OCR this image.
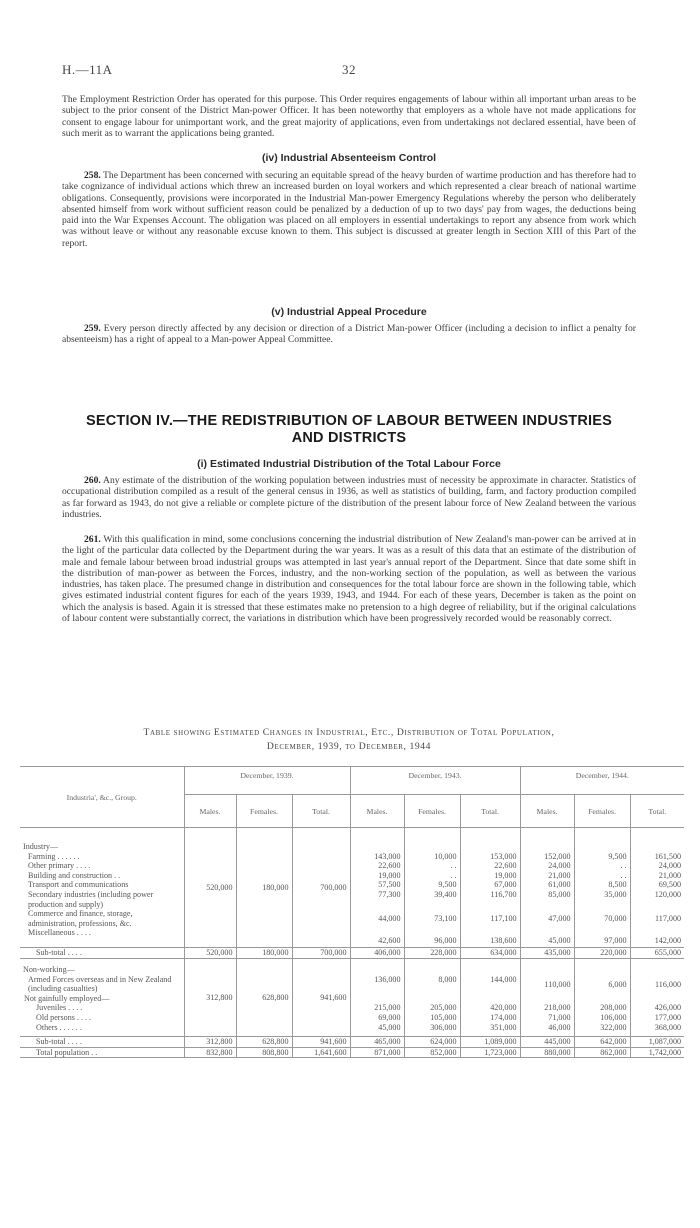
H.—11A	32

The Employment Restriction Order has operated for this purpose. This Order requires engagements of labour within all important urban areas to be subject to the prior consent of the District Man-power Officer. It has been noteworthy that employers as a whole have not made applications for consent to engage labour for unimportant work, and the great majority of applications, even from undertakings not declared essential, have been of such merit as to warrant the applications being granted.

(iv) Industrial Absenteeism Control

258. The Department has been concerned with securing an equitable spread of the heavy burden of wartime production and has therefore had to take cognizance of individual actions which threw an increased burden on loyal workers and which represented a clear breach of national wartime obligations. Consequently, provisions were incorporated in the Industrial Man-power Emergency Regulations whereby the person who deliberately absented himself from work without sufficient reason could be penalized by a deduction of up to two days' pay from wages, the deductions being paid into the War Expenses Account. The obligation was placed on all employers in essential undertakings to report any absence from work which was without leave or without any reasonable excuse known to them. This subject is discussed at greater length in Section XIII of this Part of the report.

(v) Industrial Appeal Procedure

259. Every person directly affected by any decision or direction of a District Man-power Officer (including a decision to inflict a penalty for absenteeism) has a right of appeal to a Man-power Appeal Committee.

SECTION IV.—THE REDISTRIBUTION OF LABOUR BETWEEN INDUSTRIES
AND DISTRICTS

(i) Estimated Industrial Distribution of the Total Labour Force

260. Any estimate of the distribution of the working population between industries must of necessity be approximate in character. Statistics of occupational distribution compiled as a result of the general census in 1936, as well as statistics of building, farm, and factory production compiled as far forward as 1943, do not give a reliable or complete picture of the distribution of the present labour force of New Zealand between the various industries.

261. With this qualification in mind, some conclusions concerning the industrial distribution of New Zealand's man-power can be arrived at in the light of the particular data collected by the Department during the war years. It was as a result of this data that an estimate of the distribution of male and female labour between broad industrial groups was attempted in last year's annual report of the Department. Since that date some shift in the distribution of man-power as between the Forces, industry, and the non-working section of the population, as well as between the various industries, has taken place. The presumed change in distribution and consequences for the total labour force are shown in the following table, which gives estimated industrial content figures for each of the years 1939, 1943, and 1944. For each of these years, December is taken as the point on which the analysis is based. Again it is stressed that these estimates make no pretension to a high degree of reliability, but if the original calculations of labour content were substantially correct, the variations in distribution which have been progressively recorded would be reasonably correct.

Table showing Estimated Changes in Industrial, Etc., Distribution of Total Population,
December, 1939, to December, 1944

Industria', &c., Group.	December, 1939.			December, 1943.			December, 1944.		
	Males.	Females.	Total.	Males.	Females.	Total.	Males.	Females.	Total.
Industry—	520,000	180,000	700,000						
Farming . . . . . .				143,000	10,000	153,000	152,000	9,500	161,500
Other primary . . . .				22,600	. .	22,600	24,000	. .	24,000
Building and construction . .				19,000	. .	19,000	21,000	. .	21,000
Transport and communications				57,500	9,500	67,000	61,000	8,500	69,500
Secondary industries (including power production and supply)				77,300	39,400	116,700	85,000	35,000	120,000
Commerce and finance, storage, administration, professions, &c.				44,000	73,100	117,100	47,000	70,000	117,000
Miscellaneous . . . .				42,600	96,000	138,600	45,000	97,000	142,000

Sub-total . . . .	520,000	180,000	700,000	406,000	228,000	634,000	435,000	220,000	655,000
Non-working—	312,800	628,800	941,600						
Armed Forces overseas and in New Zealand (including casualties)				136,000	8,000	144,000	110,000	6,000	116,000
Not gainfully employed—									
Juveniles . . . .				215,000	205,000	420,000	218,000	208,000	426,000
Old persons . . . .				69,000	105,000	174,000	71,000	106,000	177,000
Others . . . . . .				45,000	306,000	351,000	46,000	322,000	368,000
Sub-total . . . .	312,800	628,800	941,600	465,000	624,000	1,089,000	445,000	642,000	1,087,000
Total population . .	832,800	808,800	1,641,600	871,000	852,000	1,723,000	880,000	862,000	1,742,000
